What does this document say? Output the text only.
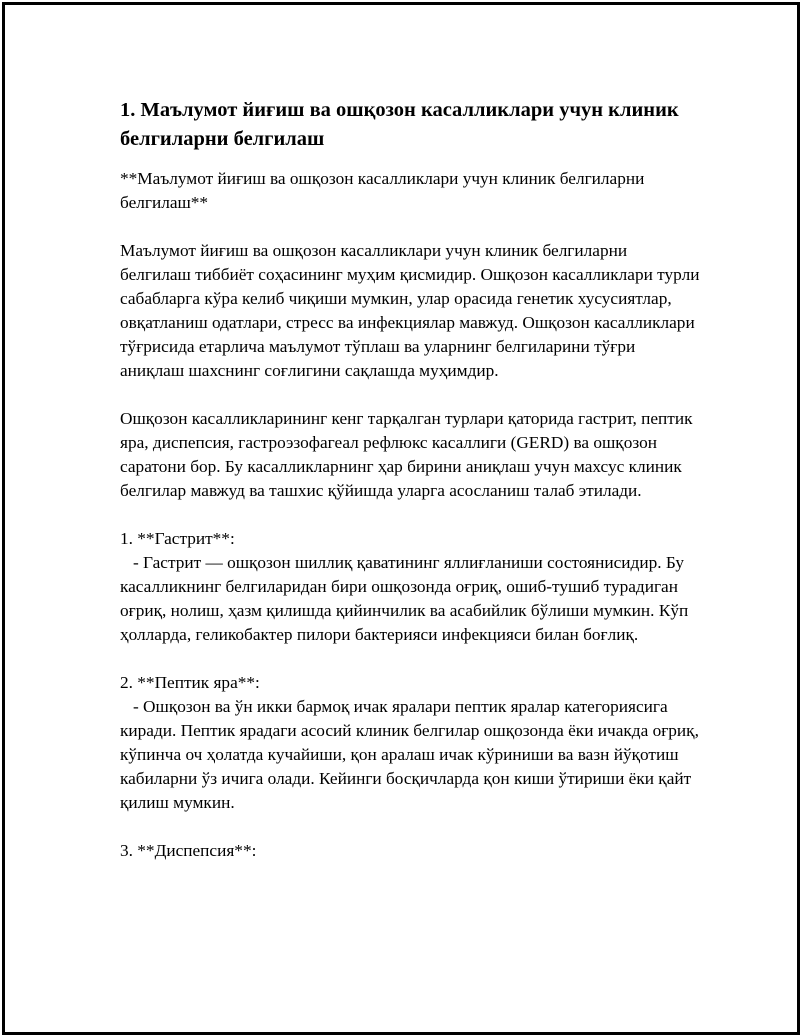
1. Маълумот йиғиш ва ошқозон касалликлари учун клиник белгиларни белгилаш

**Маълумот йиғиш ва ошқозон касалликлари учун клиник белгиларни белгилаш**

Маълумот йиғиш ва ошқозон касалликлари учун клиник белгиларни белгилаш тиббиёт соҳасининг муҳим қисмидир. Ошқозон касалликлари турли сабабларга кўра келиб чиқиши мумкин, улар орасида генетик хусусиятлар, овқатланиш одатлари, стресс ва инфекциялар мавжуд. Ошқозон касалликлари тўғрисида етарлича маълумот тўплаш ва уларнинг белгиларини тўғри аниқлаш шахснинг соғлигини сақлашда муҳимдир.

Ошқозон касалликларининг кенг тарқалган турлари қаторида гастрит, пептик яра, диспепсия, гастроэзофагеал рефлюкс касаллиги (GERD) ва ошқозон саратони бор. Бу касалликларнинг ҳар бирини аниқлаш учун махсус клиник белгилар мавжуд ва ташхис қўйишда уларга асосланиш талаб этилади.

1. **Гастрит**:

- Гастрит — ошқозон шиллиқ қаватининг яллиғланиши состоянисидир. Бу касалликнинг белгиларидан бири ошқозонда оғриқ, ошиб-тушиб турадиган оғриқ, нолиш, ҳазм қилишда қийинчилик ва асабийлик бўлиши мумкин. Кўп ҳолларда, геликобактер пилори бактерияси инфекцияси билан боғлиқ.

2. **Пептик яра**:

- Ошқозон ва ўн икки бармоқ ичак яралари пептик яралар категориясига киради. Пептик ярадаги асосий клиник белгилар ошқозонда ёки ичакда оғриқ, кўпинча оч ҳолатда кучайиши, қон аралаш ичак кўриниши ва вазн йўқотиш кабиларни ўз ичига олади. Кейинги босқичларда қон киши ўтириши ёки қайт қилиш мумкин.

3. **Диспепсия**:
